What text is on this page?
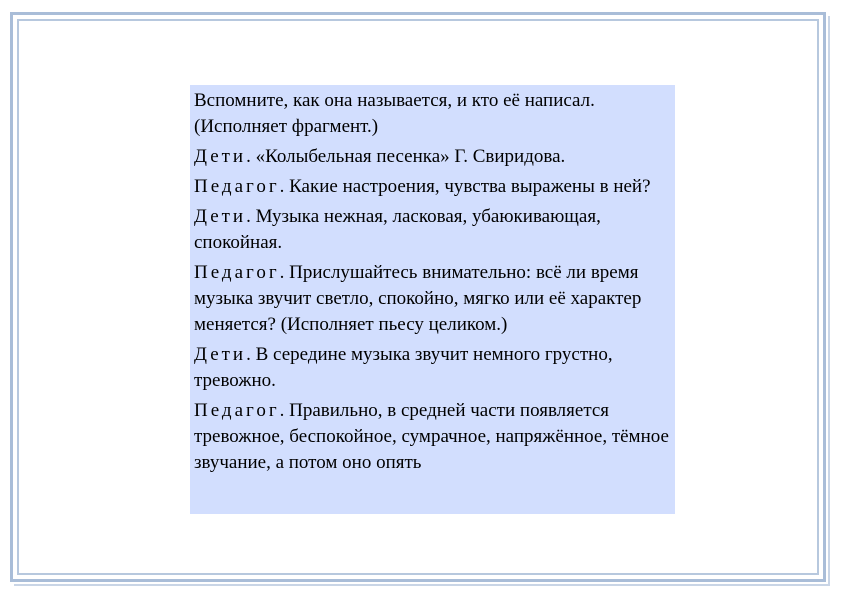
Вспомните, как она называется, и кто её написал. (Исполняет фрагмент.)

Дети. «Колыбельная песенка» Г. Свиридова.

Педагог. Какие настроения, чувства выражены в ней?

Дети. Музыка нежная, ласковая, убаюкивающая, спокойная.

Педагог. Прислушайтесь внимательно: всё ли время музыка звучит светло, спокойно, мягко или её характер меняется? (Исполняет пьесу целиком.)

Дети. В середине музыка звучит немного грустно, тревожно.

Педагог. Правильно, в средней части появляется тревожное, беспокойное, сумрачное, напряжённое, тёмное звучание, а потом оно опять
